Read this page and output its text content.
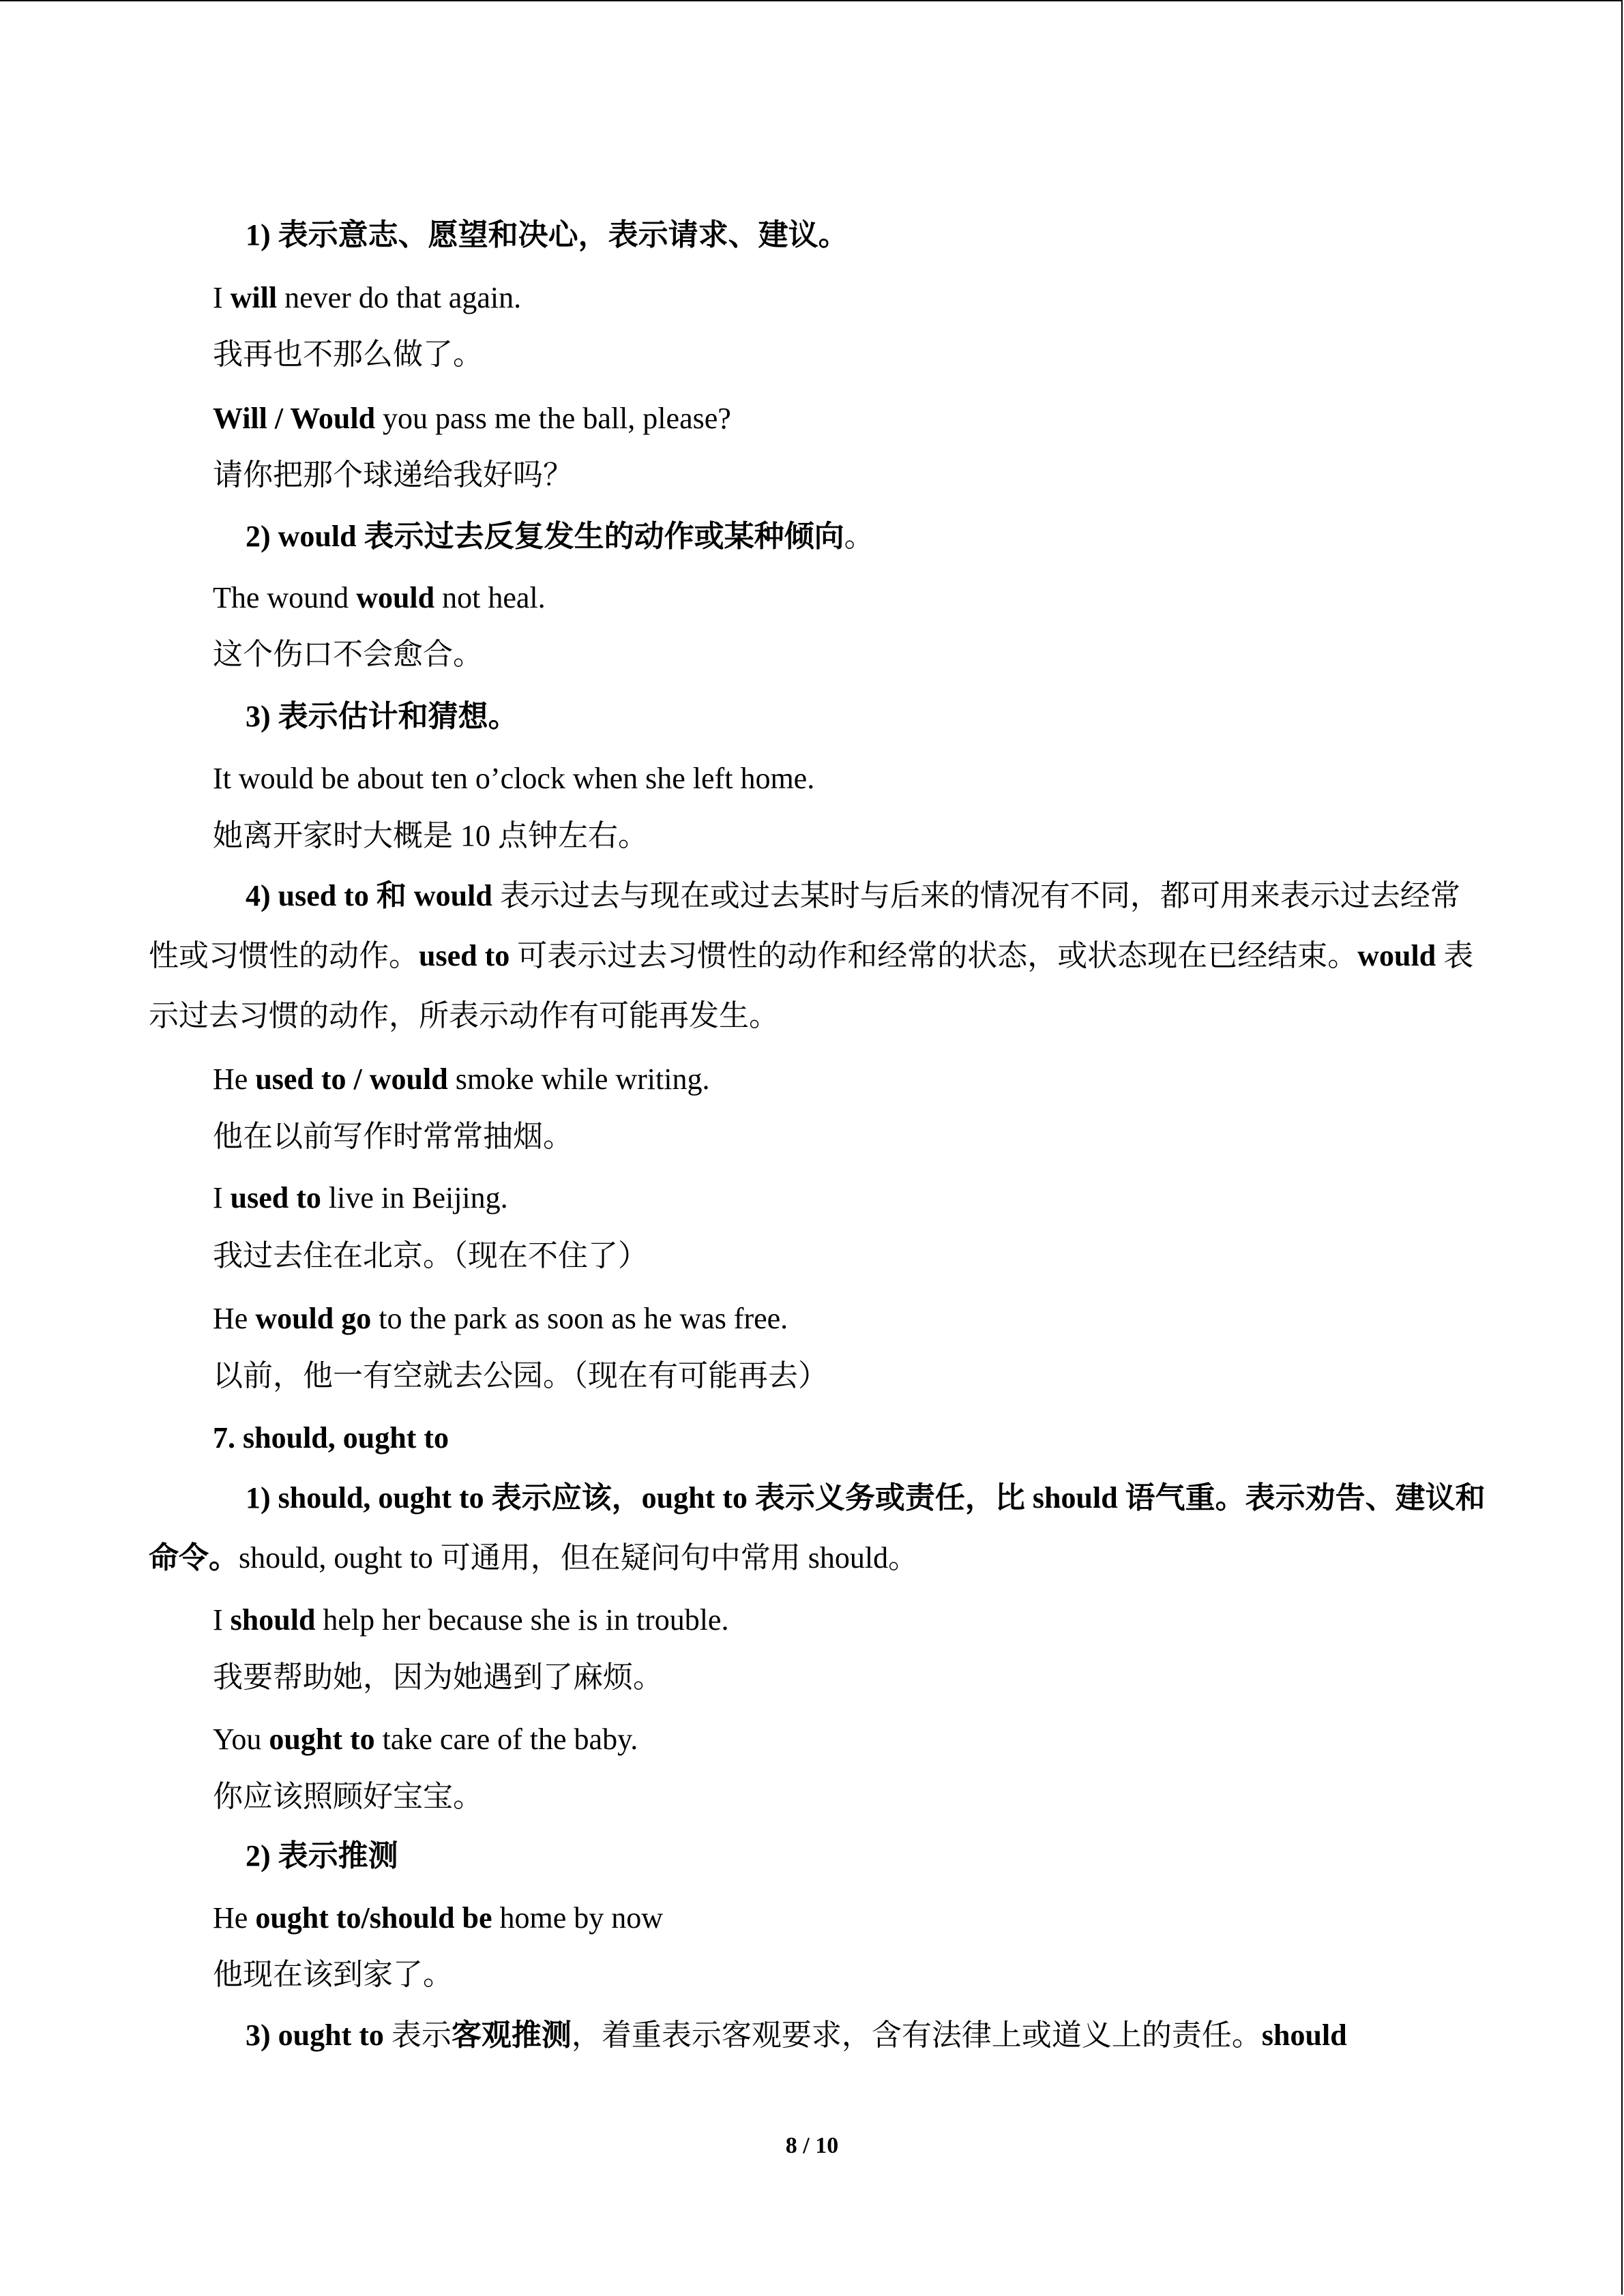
1) 表示意志、愿望和决心，表示请求、建议。
I will never do that again.
我再也不那么做了。
Will / Would you pass me the ball, please?
请你把那个球递给我好吗？
2) would 表示过去反复发生的动作或某种倾向。
The wound would not heal.
这个伤口不会愈合。
3) 表示估计和猜想。
It would be about ten o’clock when she left home.
她离开家时大概是 10 点钟左右。
4) used to 和 would 表示过去与现在或过去某时与后来的情况有不同，都可用来表示过去经常性或习惯性的动作。used to 可表示过去习惯性的动作和经常的状态，或状态现在已经结束。would 表示过去习惯的动作，所表示动作有可能再发生。
He used to / would smoke while writing.
他在以前写作时常常抽烟。
I used to live in Beijing.
我过去住在北京。（现在不住了）
He would go to the park as soon as he was free.
以前，他一有空就去公园。（现在有可能再去）
7. should, ought to
1) should, ought to 表示应该，ought to 表示义务或责任，比 should 语气重。表示劝告、建议和命令。should, ought to 可通用，但在疑问句中常用 should。
I should help her because she is in trouble.
我要帮助她，因为她遇到了麻烦。
You ought to take care of the baby.
你应该照顾好宝宝。
2) 表示推测
He ought to/should be home by now
他现在该到家了。
3) ought to 表示客观推测，着重表示客观要求，含有法律上或道义上的责任。should
8 / 10
